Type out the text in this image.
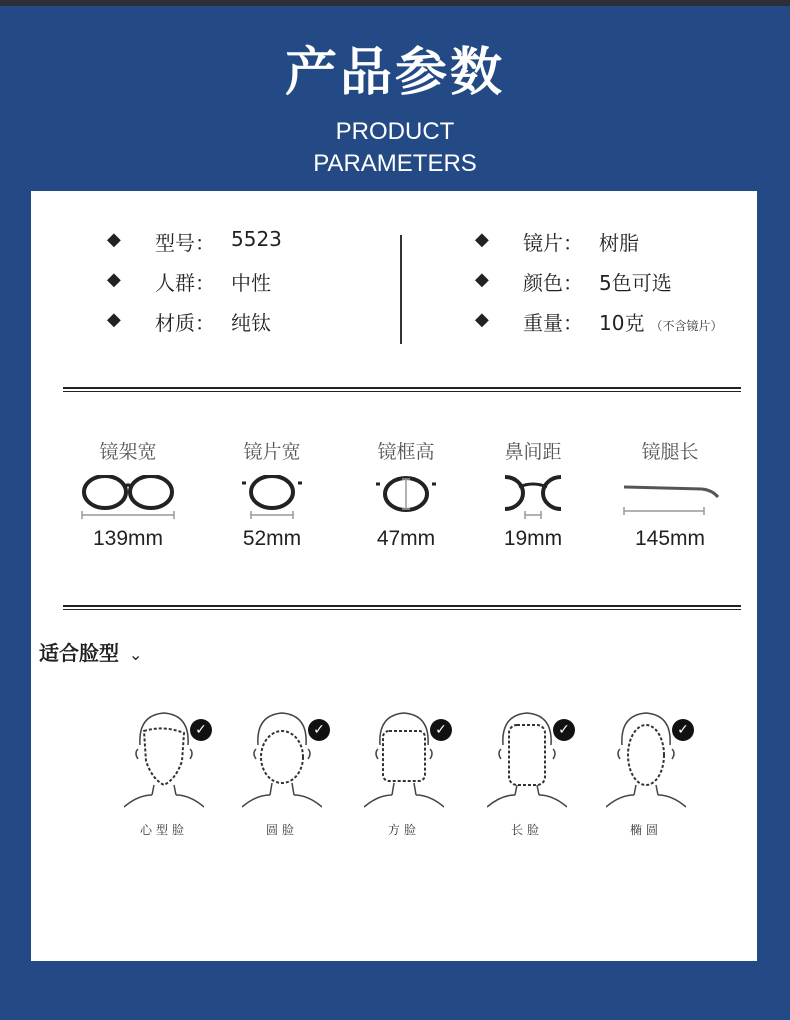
产品参数
PRODUCT
PARAMETERS
◆ 型号： 5523
◆ 人群： 中性
◆ 材质： 纯钛
◆ 镜片： 树脂
◆ 颜色： 5色可选
◆ 重量： 10克 （不含镜片）
镜架宽
139mm
镜片宽
52mm
镜框高
47mm
鼻间距
19mm
镜腿长
145mm
适合脸型 ⌄
✓
心型脸
✓
圆脸
✓
方脸
✓
长脸
✓
椭圆
